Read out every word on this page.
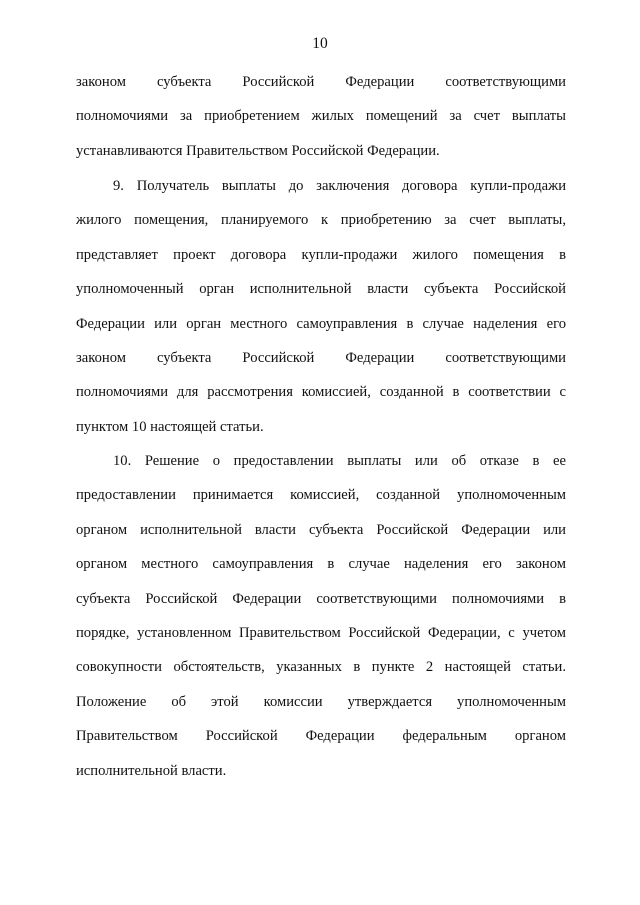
10
законом субъекта Российской Федерации соответствующими
полномочиями за приобретением жилых помещений за счет выплаты
устанавливаются Правительством Российской Федерации.
9. Получатель выплаты до заключения договора купли-продажи
жилого помещения, планируемого к приобретению за счет выплаты,
представляет проект договора купли-продажи жилого помещения в
уполномоченный орган исполнительной власти субъекта Российской
Федерации или орган местного самоуправления в случае наделения его
законом субъекта Российской Федерации соответствующими
полномочиями для рассмотрения комиссией, созданной в соответствии с
пунктом 10 настоящей статьи.
10. Решение о предоставлении выплаты или об отказе в ее
предоставлении принимается комиссией, созданной уполномоченным
органом исполнительной власти субъекта Российской Федерации или
органом местного самоуправления в случае наделения его законом
субъекта Российской Федерации соответствующими полномочиями в
порядке, установленном Правительством Российской Федерации, с учетом
совокупности обстоятельств, указанных в пункте 2 настоящей статьи.
Положение об этой комиссии утверждается уполномоченным
Правительством Российской Федерации федеральным органом
исполнительной власти.
